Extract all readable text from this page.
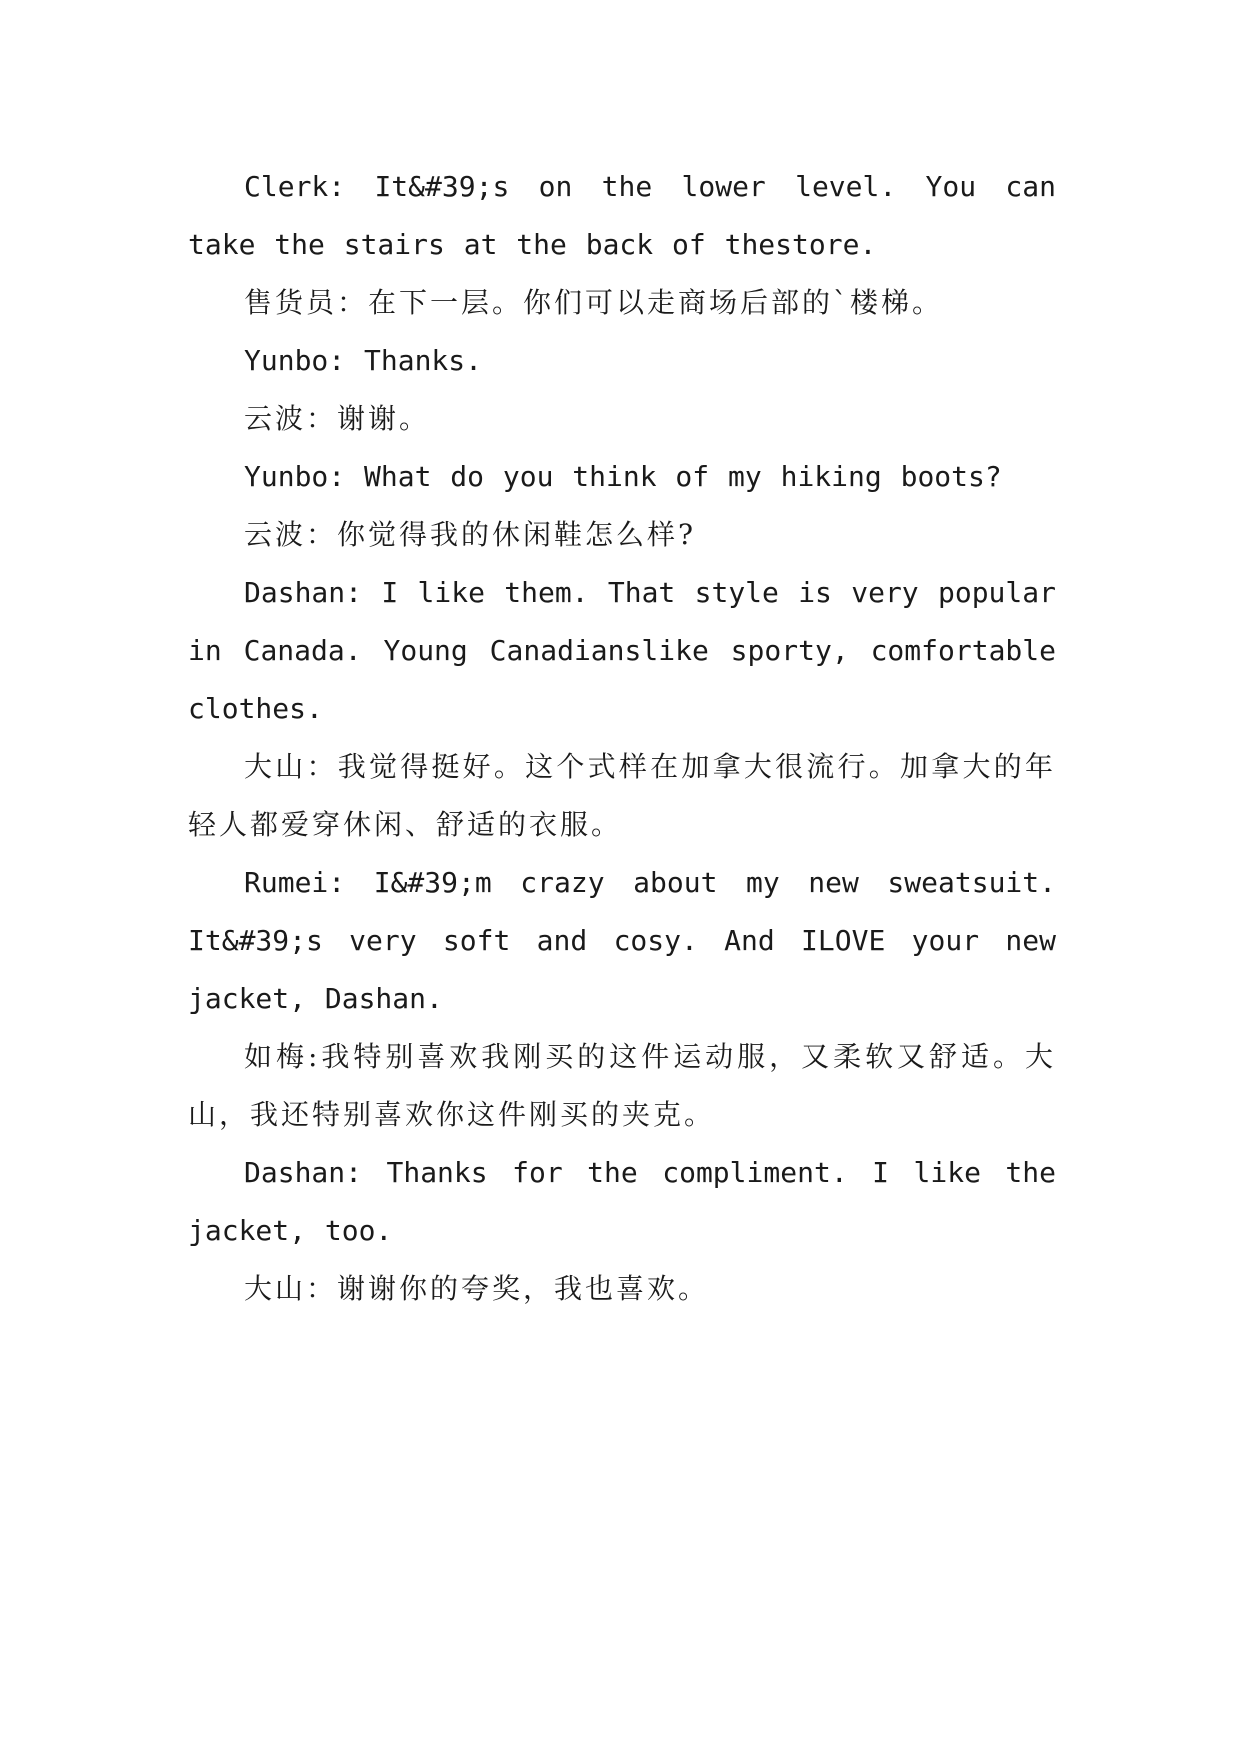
Clerk: It&#39;s on the lower level. You can take the stairs at the back of thestore.

售货员：在下一层。你们可以走商场后部的`楼梯。

Yunbo: Thanks.

云波：谢谢。

Yunbo: What do you think of my hiking boots?

云波：你觉得我的休闲鞋怎么样?

Dashan: I like them. That style is very popular in Canada. Young Canadianslike sporty, comfortable clothes.

大山：我觉得挺好。这个式样在加拿大很流行。加拿大的年轻人都爱穿休闲、舒适的衣服。

Rumei: I&#39;m crazy about my new sweatsuit. It&#39;s very soft and cosy. And ILOVE your new jacket, Dashan.

如梅:我特别喜欢我刚买的这件运动服，又柔软又舒适。大山，我还特别喜欢你这件刚买的夹克。

Dashan: Thanks for the compliment. I like the jacket, too.

大山：谢谢你的夸奖，我也喜欢。
